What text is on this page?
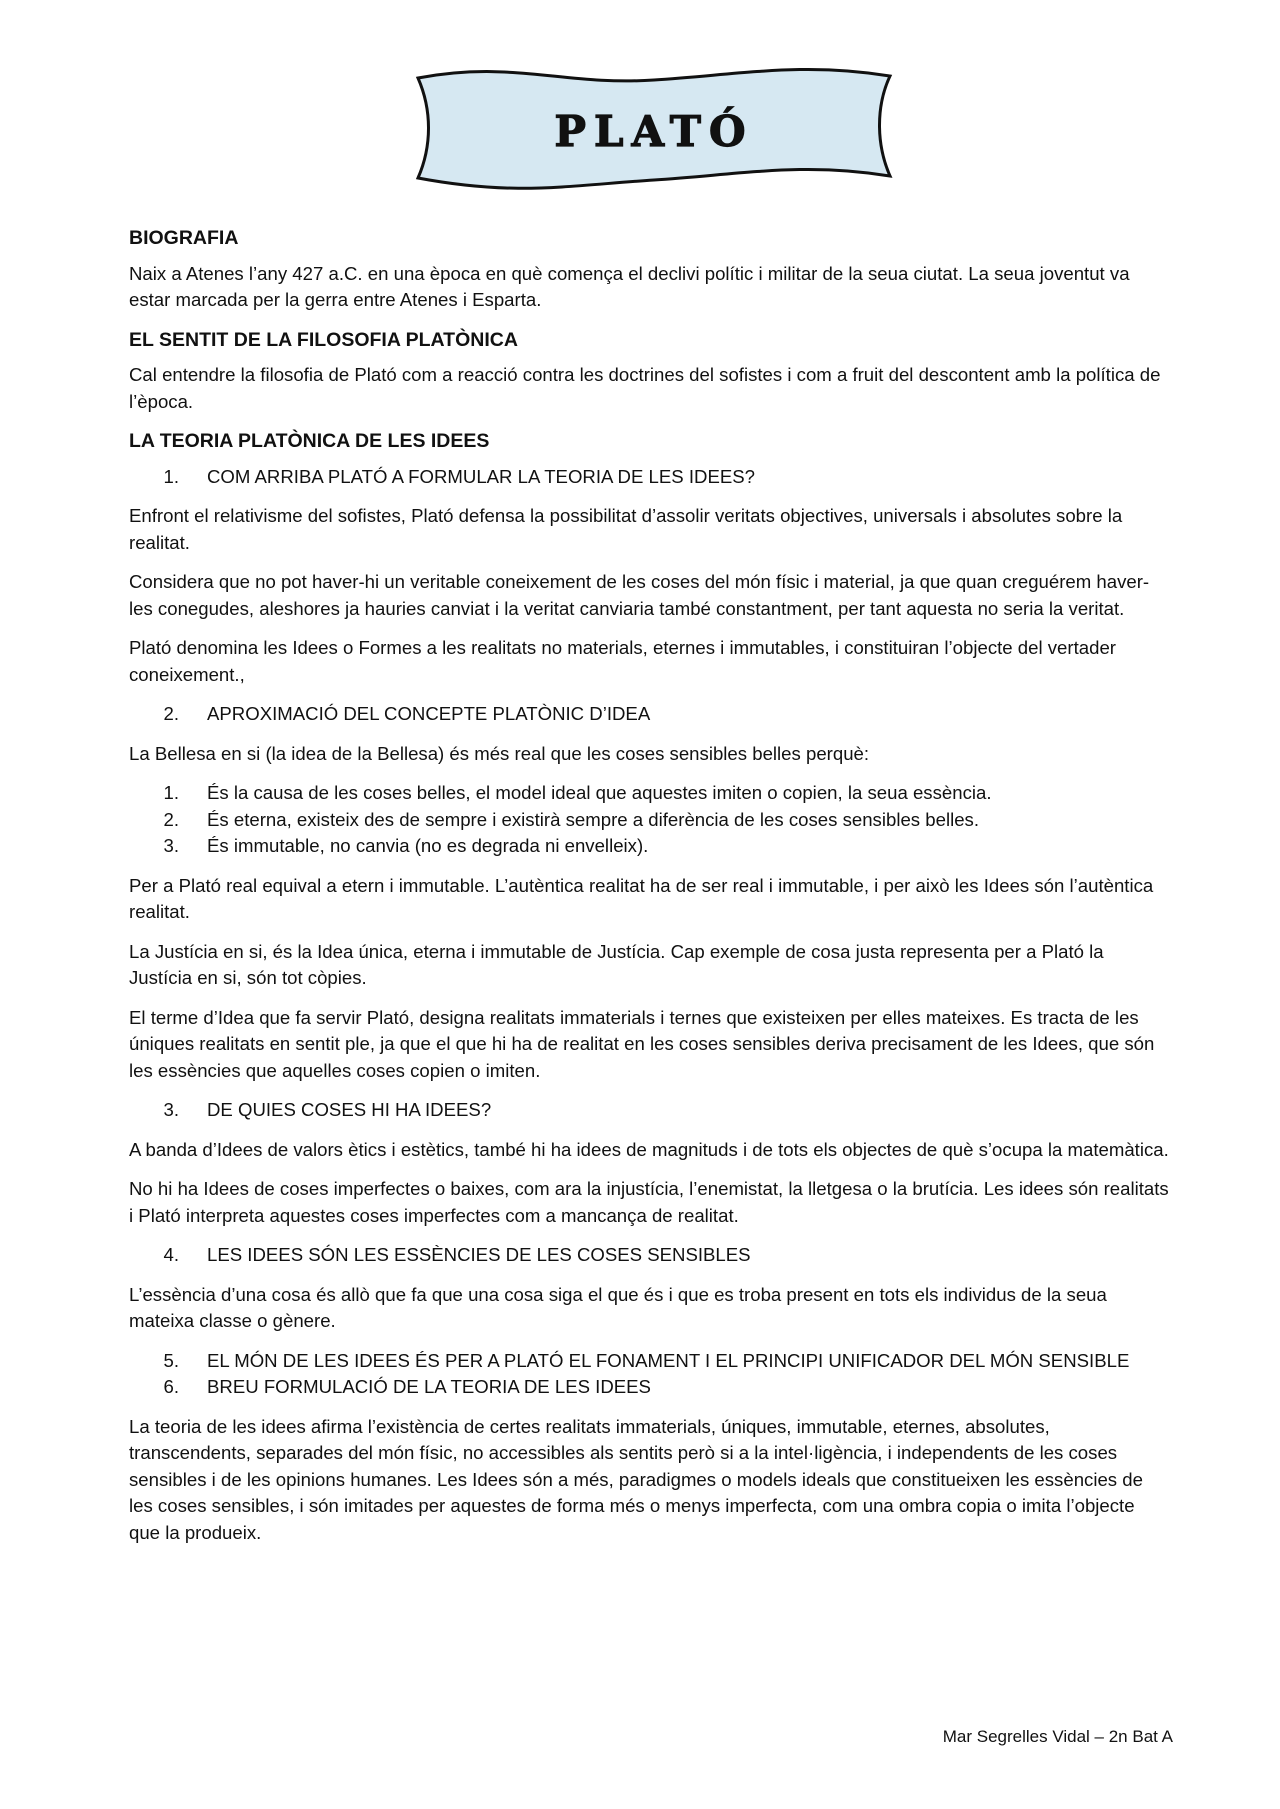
PLATÓ
BIOGRAFIA

Naix a Atenes l’any 427 a.C. en una època en què comença el declivi polític i militar de la seua ciutat. La seua joventut va estar marcada per la gerra entre Atenes i Esparta.

EL SENTIT DE LA FILOSOFIA PLATÒNICA

Cal entendre la filosofia de Plató com a reacció contra les doctrines del sofistes i com a fruit del descontent amb la política de l’època.

LA TEORIA PLATÒNICA DE LES IDEES
1.	COM ARRIBA PLATÓ A FORMULAR LA TEORIA DE LES IDEES?

Enfront el relativisme del sofistes, Plató defensa la possibilitat d’assolir veritats objectives, universals i absolutes sobre la realitat.

Considera que no pot haver-hi un veritable coneixement de les coses del món físic i material, ja que quan creguérem haver-les conegudes, aleshores ja hauries canviat i la veritat canviaria també constantment, per tant aquesta no seria la veritat.

Plató denomina les Idees o Formes a les realitats no materials, eternes i immutables, i constituiran l’objecte del vertader coneixement.,

2.	APROXIMACIÓ DEL CONCEPTE PLATÒNIC D’IDEA

La Bellesa en si (la idea de la Bellesa) és més real que les coses sensibles belles perquè:

1.	És la causa de les coses belles, el model ideal que aquestes imiten o copien, la seua essència.
2.	És eterna, existeix des de sempre i existirà sempre a diferència de les coses sensibles belles.
3.	És immutable, no canvia (no es degrada ni envelleix).

Per a Plató real equival a etern i immutable. L’autèntica realitat ha de ser real i immutable, i per això les Idees són l’autèntica realitat.

La Justícia en si, és la Idea única, eterna i immutable de Justícia. Cap exemple de cosa justa representa per a Plató la Justícia en si, són tot còpies.

El terme d’Idea que fa servir Plató, designa realitats immaterials i ternes que existeixen per elles mateixes. Es tracta de les úniques realitats en sentit ple, ja que el que hi ha de realitat en les coses sensibles deriva precisament de les Idees, que són les essències que aquelles coses copien o imiten.

3.	DE QUIES COSES HI HA IDEES?

A banda d’Idees de valors ètics i estètics, també hi ha idees de magnituds i de tots els objectes de què s’ocupa la matemàtica.

No hi ha Idees de coses imperfectes o baixes, com ara la injustícia, l’enemistat, la lletgesa o la brutícia. Les idees són realitats i Plató interpreta aquestes coses imperfectes com a mancança de realitat.

4.	LES IDEES SÓN LES ESSÈNCIES DE LES COSES SENSIBLES

L’essència d’una cosa és allò que fa que una cosa siga el que és i que es troba present en tots els individus de la seua mateixa classe o gènere.

5.	EL MÓN DE LES IDEES ÉS PER A PLATÓ EL FONAMENT I EL PRINCIPI UNIFICADOR DEL MÓN SENSIBLE
6.	BREU FORMULACIÓ DE LA TEORIA DE LES IDEES

La teoria de les idees afirma l’existència de certes realitats immaterials, úniques, immutable, eternes, absolutes, transcendents, separades del món físic, no accessibles als sentits però si a la intel·ligència, i independents de les coses sensibles i de les opinions humanes. Les Idees són a més, paradigmes o models ideals que constitueixen les essències de les coses sensibles, i són imitades per aquestes de forma més o menys imperfecta, com una ombra copia o imita l’objecte que la produeix.

Mar Segrelles Vidal – 2n Bat A
